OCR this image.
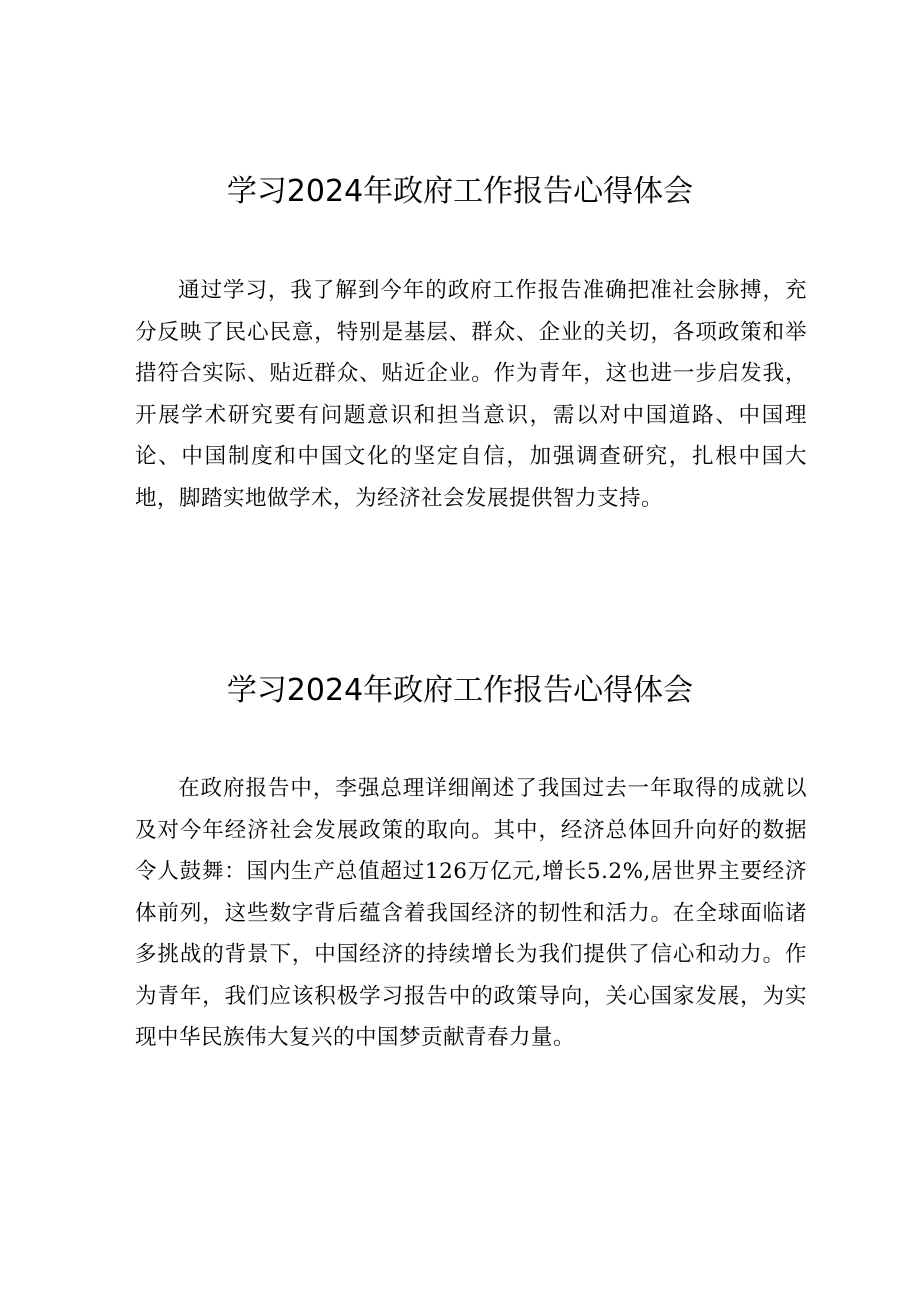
学习2024年政府工作报告心得体会

通过学习，我了解到今年的政府工作报告准确把准社会脉搏，充分反映了民心民意，特别是基层、群众、企业的关切，各项政策和举措符合实际、贴近群众、贴近企业。作为青年，这也进一步启发我，开展学术研究要有问题意识和担当意识，需以对中国道路、中国理论、中国制度和中国文化的坚定自信，加强调查研究，扎根中国大地，脚踏实地做学术，为经济社会发展提供智力支持。

学习2024年政府工作报告心得体会

在政府报告中，李强总理详细阐述了我国过去一年取得的成就以及对今年经济社会发展政策的取向。其中，经济总体回升向好的数据令人鼓舞：国内生产总值超过126万亿元,增长5.2%,居世界主要经济体前列，这些数字背后蕴含着我国经济的韧性和活力。在全球面临诸多挑战的背景下，中国经济的持续增长为我们提供了信心和动力。作为青年，我们应该积极学习报告中的政策导向，关心国家发展，为实现中华民族伟大复兴的中国梦贡献青春力量。
